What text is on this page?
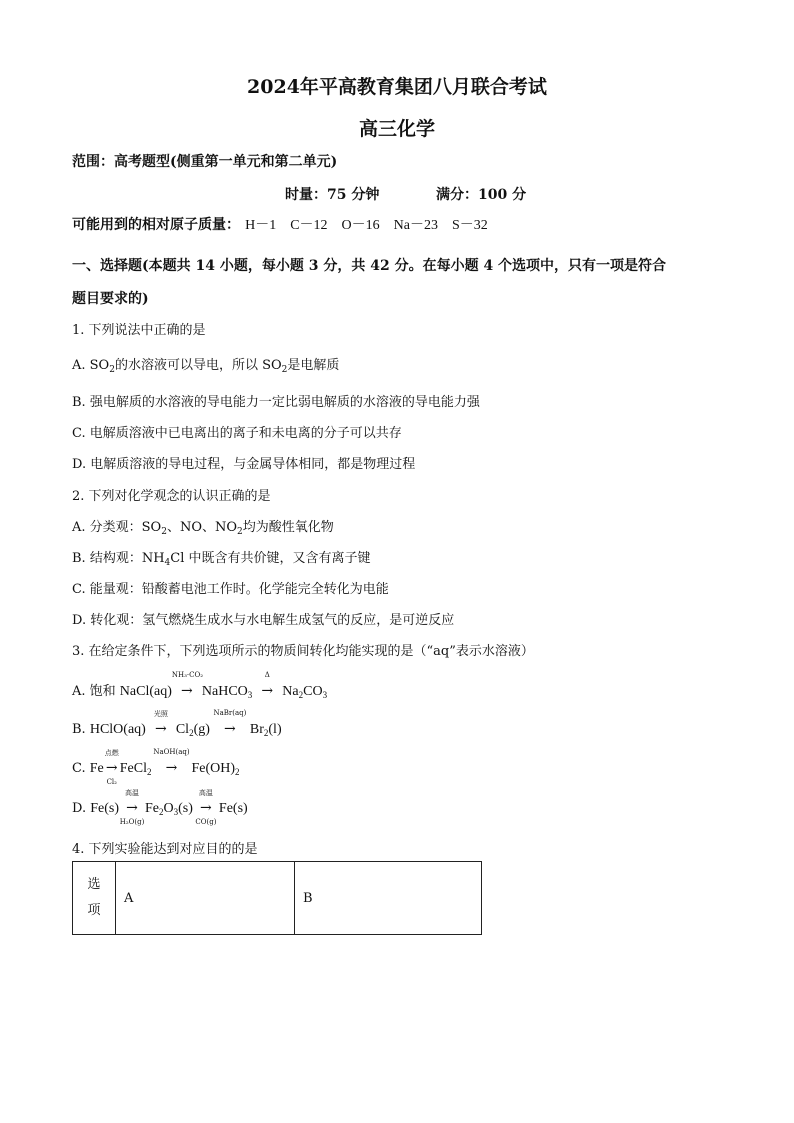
2024年平高教育集团八月联合考试
高三化学
范围：高考题型(侧重第一单元和第二单元)
时量：75 分钟	满分：100 分
可能用到的相对原子质量： H－1　C－12　O－16　Na－23　S－32
一、选择题(本题共 14 小题，每小题 3 分，共 42 分。在每小题 4 个选项中，只有一项是符合
题目要求的)
1. 下列说法中正确的是
A. $SO_2$的水溶液可以导电，所以 $SO_2$是电解质
B. 强电解质的水溶液的导电能力一定比弱电解质的水溶液的导电能力强
C. 电解质溶液中已电离出的离子和未电离的分子可以共存
D. 电解质溶液的导电过程，与金属导体相同，都是物理过程
2. 下列对化学观念的认识正确的是
A. 分类观：$SO_2$、NO、$NO_2$均为酸性氧化物
B. 结构观：$NH_4Cl$ 中既含有共价键，又含有离子键
C. 能量观：铅酸蓄电池工作时。化学能完全转化为电能
D. 转化观：氢气燃烧生成水与水电解生成氢气的反应，是可逆反应
3. 在给定条件下，下列选项所示的物质间转化均能实现的是（“aq”表示水溶液）
A. 饱和 NaCl(aq)
NH₃·CO₂
→ NaHCO$_3$
Δ
→ $Na_2CO_3$
B. HClO(aq)
光照
→ $Cl_2(g)$
NaBr(aq)
→ $Br_2(l)$
C. Fe
点燃
→
Cl₂
FeCl$_2$
NaOH(aq)
→ $Fe(OH)_2$
D. Fe(s)
高温
→
H₂O(g)
$Fe_2O_3(s)$
高温
→
CO(g)
Fe(s)
4. 下列实验能达到对应目的的是
选
项
	A	B
